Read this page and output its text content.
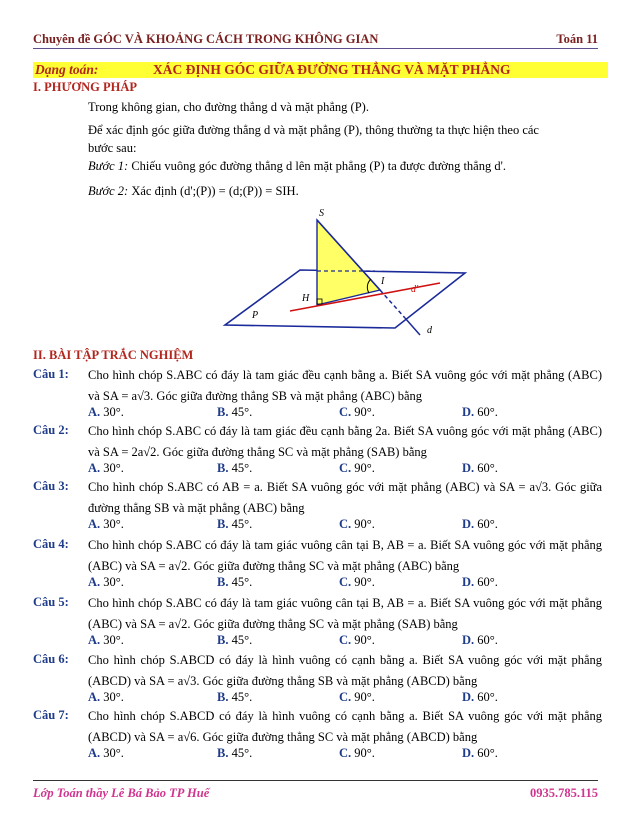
Chuyên đề GÓC VÀ KHOẢNG CÁCH TRONG KHÔNG GIAN	Toán 11
Dạng toán:	XÁC ĐỊNH GÓC GIỮA ĐƯỜNG THẲNG VÀ MẶT PHẲNG
I. PHƯƠNG PHÁP
Trong không gian, cho đường thẳng d và mặt phẳng (P).
Để xác định góc giữa đường thẳng d và mặt phẳng (P), thông thường ta thực hiện theo các
bước sau:
Bước 1: Chiếu vuông góc đường thẳng d lên mặt phẳng (P) ta được đường thẳng d'.
Bước 2: Xác định (d';(P)) = (d;(P)) = SIH.
S
H
I
P
d'
d
II. BÀI TẬP TRẮC NGHIỆM
Câu 1: Cho hình chóp S.ABC có đáy là tam giác đều cạnh bằng a. Biết SA vuông góc với mặt phẳng (ABC) và SA = a√3. Góc giữa đường thẳng SB và mặt phẳng (ABC) bằng
A. 30°.	B. 45°.	C. 90°.	D. 60°.
Câu 2: Cho hình chóp S.ABC có đáy là tam giác đều cạnh bằng 2a. Biết SA vuông góc với mặt phẳng (ABC) và SA = 2a√2. Góc giữa đường thẳng SC và mặt phẳng (SAB) bằng
A. 30°.	B. 45°.	C. 90°.	D. 60°.
Câu 3: Cho hình chóp S.ABC có AB = a. Biết SA vuông góc với mặt phẳng (ABC) và SA = a√3. Góc giữa đường thẳng SB và mặt phẳng (ABC) bằng
A. 30°.	B. 45°.	C. 90°.	D. 60°.
Câu 4: Cho hình chóp S.ABC có đáy là tam giác vuông cân tại B, AB = a. Biết SA vuông góc với mặt phẳng (ABC) và SA = a√2. Góc giữa đường thẳng SC và mặt phẳng (ABC) bằng
A. 30°.	B. 45°.	C. 90°.	D. 60°.
Câu 5: Cho hình chóp S.ABC có đáy là tam giác vuông cân tại B, AB = a. Biết SA vuông góc với mặt phẳng (ABC) và SA = a√2. Góc giữa đường thẳng SC và mặt phẳng (SAB) bằng
A. 30°.	B. 45°.	C. 90°.	D. 60°.
Câu 6: Cho hình chóp S.ABCD có đáy là hình vuông có cạnh bằng a. Biết SA vuông góc với mặt phẳng (ABCD) và SA = a√3. Góc giữa đường thẳng SB và mặt phẳng (ABCD) bằng
A. 30°.	B. 45°.	C. 90°.	D. 60°.
Câu 7: Cho hình chóp S.ABCD có đáy là hình vuông có cạnh bằng a. Biết SA vuông góc với mặt phẳng (ABCD) và SA = a√6. Góc giữa đường thẳng SC và mặt phẳng (ABCD) bằng
A. 30°.	B. 45°.	C. 90°.	D. 60°.
Lớp Toán thầy Lê Bá Bảo TP Huế	0935.785.115
